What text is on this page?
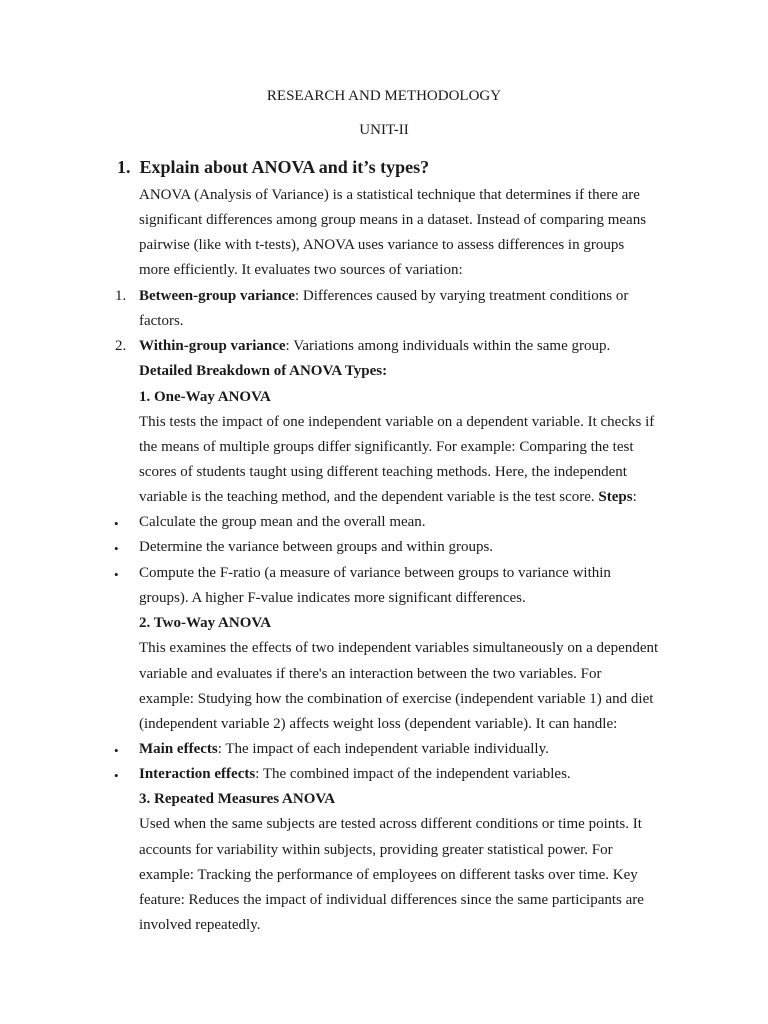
RESEARCH AND METHODOLOGY
UNIT-II
1. Explain about ANOVA and it’s types?
ANOVA (Analysis of Variance) is a statistical technique that determines if there are
significant differences among group means in a dataset. Instead of comparing means
pairwise (like with t-tests), ANOVA uses variance to assess differences in groups
more efficiently. It evaluates two sources of variation:
1. Between-group variance: Differences caused by varying treatment conditions or
factors.
2. Within-group variance: Variations among individuals within the same group.
Detailed Breakdown of ANOVA Types:
1. One-Way ANOVA
This tests the impact of one independent variable on a dependent variable. It checks if
the means of multiple groups differ significantly. For example: Comparing the test
scores of students taught using different teaching methods. Here, the independent
variable is the teaching method, and the dependent variable is the test score. Steps:
• Calculate the group mean and the overall mean.
• Determine the variance between groups and within groups.
• Compute the F-ratio (a measure of variance between groups to variance within
groups). A higher F-value indicates more significant differences.
2. Two-Way ANOVA
This examines the effects of two independent variables simultaneously on a dependent
variable and evaluates if there's an interaction between the two variables. For
example: Studying how the combination of exercise (independent variable 1) and diet
(independent variable 2) affects weight loss (dependent variable). It can handle:
• Main effects: The impact of each independent variable individually.
• Interaction effects: The combined impact of the independent variables.
3. Repeated Measures ANOVA
Used when the same subjects are tested across different conditions or time points. It
accounts for variability within subjects, providing greater statistical power. For
example: Tracking the performance of employees on different tasks over time. Key
feature: Reduces the impact of individual differences since the same participants are
involved repeatedly.
